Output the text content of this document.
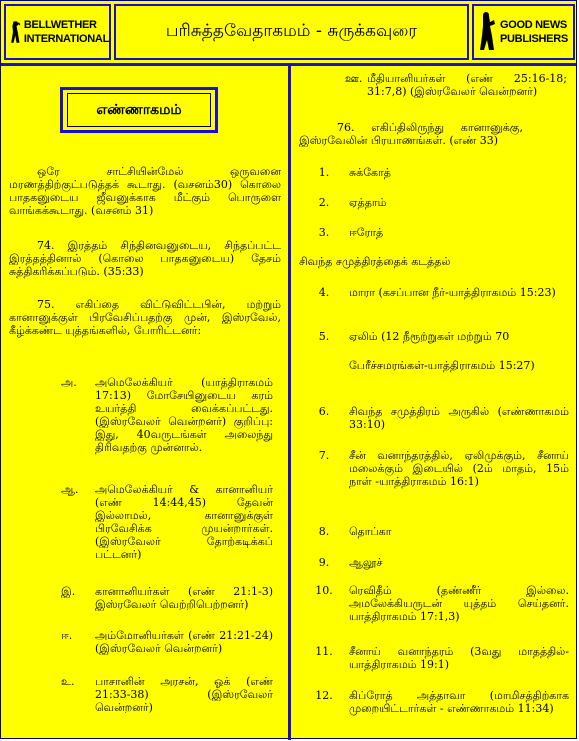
BELLWETHER
INTERNATIONAL	பரிசுத்தவேதாகமம் - சுருக்கவுரை	GOOD NEWS
PUBLISHERS
எண்ணாகமம்
ஒரே சாட்சியின்மேல் ஒருவனை மரணத்திற்குட்படுத்தக் கூடாது. (வசனம்30) கொலை பாதகனுடைய ஜீவனுக்காக மீட்கும் பொருளை வாங்கக்கூடாது. (வசனம் 31)
74. இரத்தம் சிந்தினவனுடைய, சிந்தப்பட்ட இரத்தத்தினால் (கொலை பாதகனுடைய) தேசம் சுத்திகரிக்கப்படும். (35:33)
75. எகிப்தை விட்டுவிட்டபின், மற்றும் கானானுக்குள் பிரவேசிப்பதற்கு முன், இஸ்ரவேல், கீழ்க்கண்ட யுத்தங்களில், போரிட்டனர்:
அ. அமெலேக்கியர் (யாத்திராகமம் 17:13) மோசேயினுடைய கரம் உயர்த்தி வைக்கப்பட்டது. (இஸ்ரவேலர் வென்றனர்) குறிப்பு: இது, 40வருடங்கள் அலைந்து திரிவதற்கு முன்னால்.
ஆ. அமெலேக்கியர் & கானானியர் (எண் 14:44,45) தேவன் இல்லாமல், கானானுக்குள் பிரவேசிக்க முயன்றார்கள். (இஸ்ரவேலர் தோற்கடிக்கப் பட்டனர்)
இ. கானானியர்கள் (எண் 21:1-3) இஸ்ரவேலர் வெற்றிபெற்றனர்)
ஈ. அம்மோனியர்கள் (எண் 21:21-24) (இஸ்ரவேலர் வென்றனர்)
உ. பாசானின் அரசன், ஓக் (எண் 21:33-38) (இஸ்ரவேலர் வென்றனர்)
ஊ. மீதியானியர்கள் (எண் 25:16-18; 31:7,8) (இஸ்ரவேலர் வென்றனர்)
76. எகிப்திலிருந்து கானானுக்கு, இஸ்ரவேலின் பிரயாணங்கள். (எண் 33)
1.	சுக்கோத்
2.	ஏத்தாம்
3.	ஈரோத்
சிவந்த சமுத்திரத்தைக் கடத்தல்
4.	மாரா (கசப்பான நீர்-யாத்திராகமம் 15:23)
5.	ஏலிம் (12 நீரூற்றுகள் மற்றும் 70
பேரீச்சமரங்கள்-யாத்திராகமம் 15:27)
6.	சிவந்த சமுத்திரம் அருகில் (எண்ணாகமம் 33:10)
7.	சீன் வனாந்தரத்தில், ஏலிமுக்கும், சீனாய் மலைக்கும் இடையில் (2ம் மாதம், 15ம் நாள் -யாத்திராகமம் 16:1)
8.	தொப்கா
9.	ஆலூச்
10.	ரெவிதீம் (தண்ணீர் இல்லை. அமலேக்கியருடன் யுத்தம் செய்தனர். யாத்திராகமம் 17:1,3)
11.	சீனாய் வனாந்தரம் (3வது மாதத்தில்-யாத்திராகமம் 19:1)
12.	கிப்ரோத் அத்தாவா (மாமிசத்திற்காக முறையிட்டார்கள் - எண்ணாகமம் 11:34)
